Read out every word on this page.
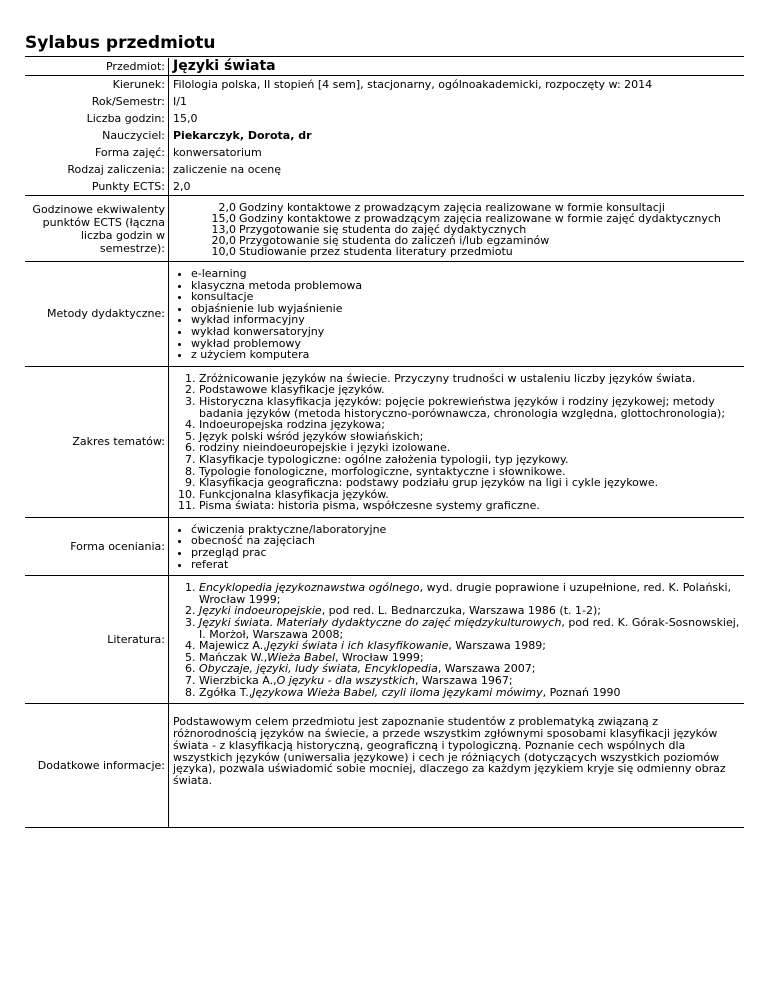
Sylabus przedmiotu
Przedmiot:	Języki świata
Kierunek:	Filologia polska, II stopień [4 sem], stacjonarny, ogólnoakademicki, rozpoczęty w: 2014
Rok/Semestr:	I/1
Liczba godzin:	15,0
Nauczyciel:	Piekarczyk, Dorota, dr
Forma zajęć:	konwersatorium
Rodzaj zaliczenia:	zaliczenie na ocenę
Punkty ECTS:	2,0
Godzinowe ekwiwalenty punktów ECTS (łączna liczba godzin w semestrze):	
2,0	Godziny kontaktowe z prowadzącym zajęcia realizowane w formie konsultacji
15,0	Godziny kontaktowe z prowadzącym zajęcia realizowane w formie zajęć dydaktycznych
13,0	Przygotowanie się studenta do zajęć dydaktycznych
20,0	Przygotowanie się studenta do zaliczeń i/lub egzaminów
10,0	Studiowanie przez studenta literatury przedmiotu

Metody dydaktyczne:	
• e-learning
• klasyczna metoda problemowa
• konsultacje
• objaśnienie lub wyjaśnienie
• wykład informacyjny
• wykład konwersatoryjny
• wykład problemowy
• z użyciem komputera

Zakres tematów:	
1. Zróżnicowanie języków na świecie. Przyczyny trudności w ustaleniu liczby języków świata.
2. Podstawowe klasyfikacje języków.
3. Historyczna klasyfikacja języków: pojęcie pokrewieństwa języków i rodziny językowej; metody badania języków (metoda historyczno-porównawcza, chronologia względna, glottochronologia);
4. Indoeuropejska rodzina językowa;
5. Język polski wśród języków słowiańskich;
6. rodziny nieindoeuropejskie i języki izolowane.
7. Klasyfikacje typologiczne: ogólne założenia typologii, typ językowy.
8. Typologie fonologiczne, morfologiczne, syntaktyczne i słownikowe.
9. Klasyfikacja geograficzna: podstawy podziału grup języków na ligi i cykle językowe.
10. Funkcjonalna klasyfikacja języków.
11. Pisma świata: historia pisma, współczesne systemy graficzne.

Forma oceniania:	
• ćwiczenia praktyczne/laboratoryjne
• obecność na zajęciach
• przegląd prac
• referat

Literatura:	
1. Encyklopedia językoznawstwa ogólnego, wyd. drugie poprawione i uzupełnione, red. K. Polański, Wrocław 1999;
2. Języki indoeuropejskie, pod red. L. Bednarczuka, Warszawa 1986 (t. 1-2);
3. Języki świata. Materiały dydaktyczne do zajęć międzykulturowych, pod red. K. Górak-Sosnowskiej, I. Morżoł, Warszawa 2008;
4. Majewicz A.,Języki świata i ich klasyfikowanie, Warszawa 1989;
5. Mańczak W.,Wieża Babel, Wrocław 1999;
6. Obyczaje, języki, ludy świata, Encyklopedia, Warszawa 2007;
7. Wierzbicka A.,O języku - dla wszystkich, Warszawa 1967;
8. Zgółka T.,Językowa Wieża Babel, czyli iloma językami mówimy, Poznań 1990

Dodatkowe informacje:	Podstawowym celem przedmiotu jest zapoznanie studentów z problematyką związaną z różnorodnością języków na świecie, a przede wszystkim zgłównymi sposobami klasyfikacji języków świata - z klasyfikacją historyczną, geograficzną i typologiczną. Poznanie cech wspólnych dla wszystkich języków (uniwersalia językowe) i cech je różniących (dotyczących wszystkich poziomów języka), pozwala uświadomić sobie mocniej, dlaczego za każdym językiem kryje się odmienny obraz świata.
